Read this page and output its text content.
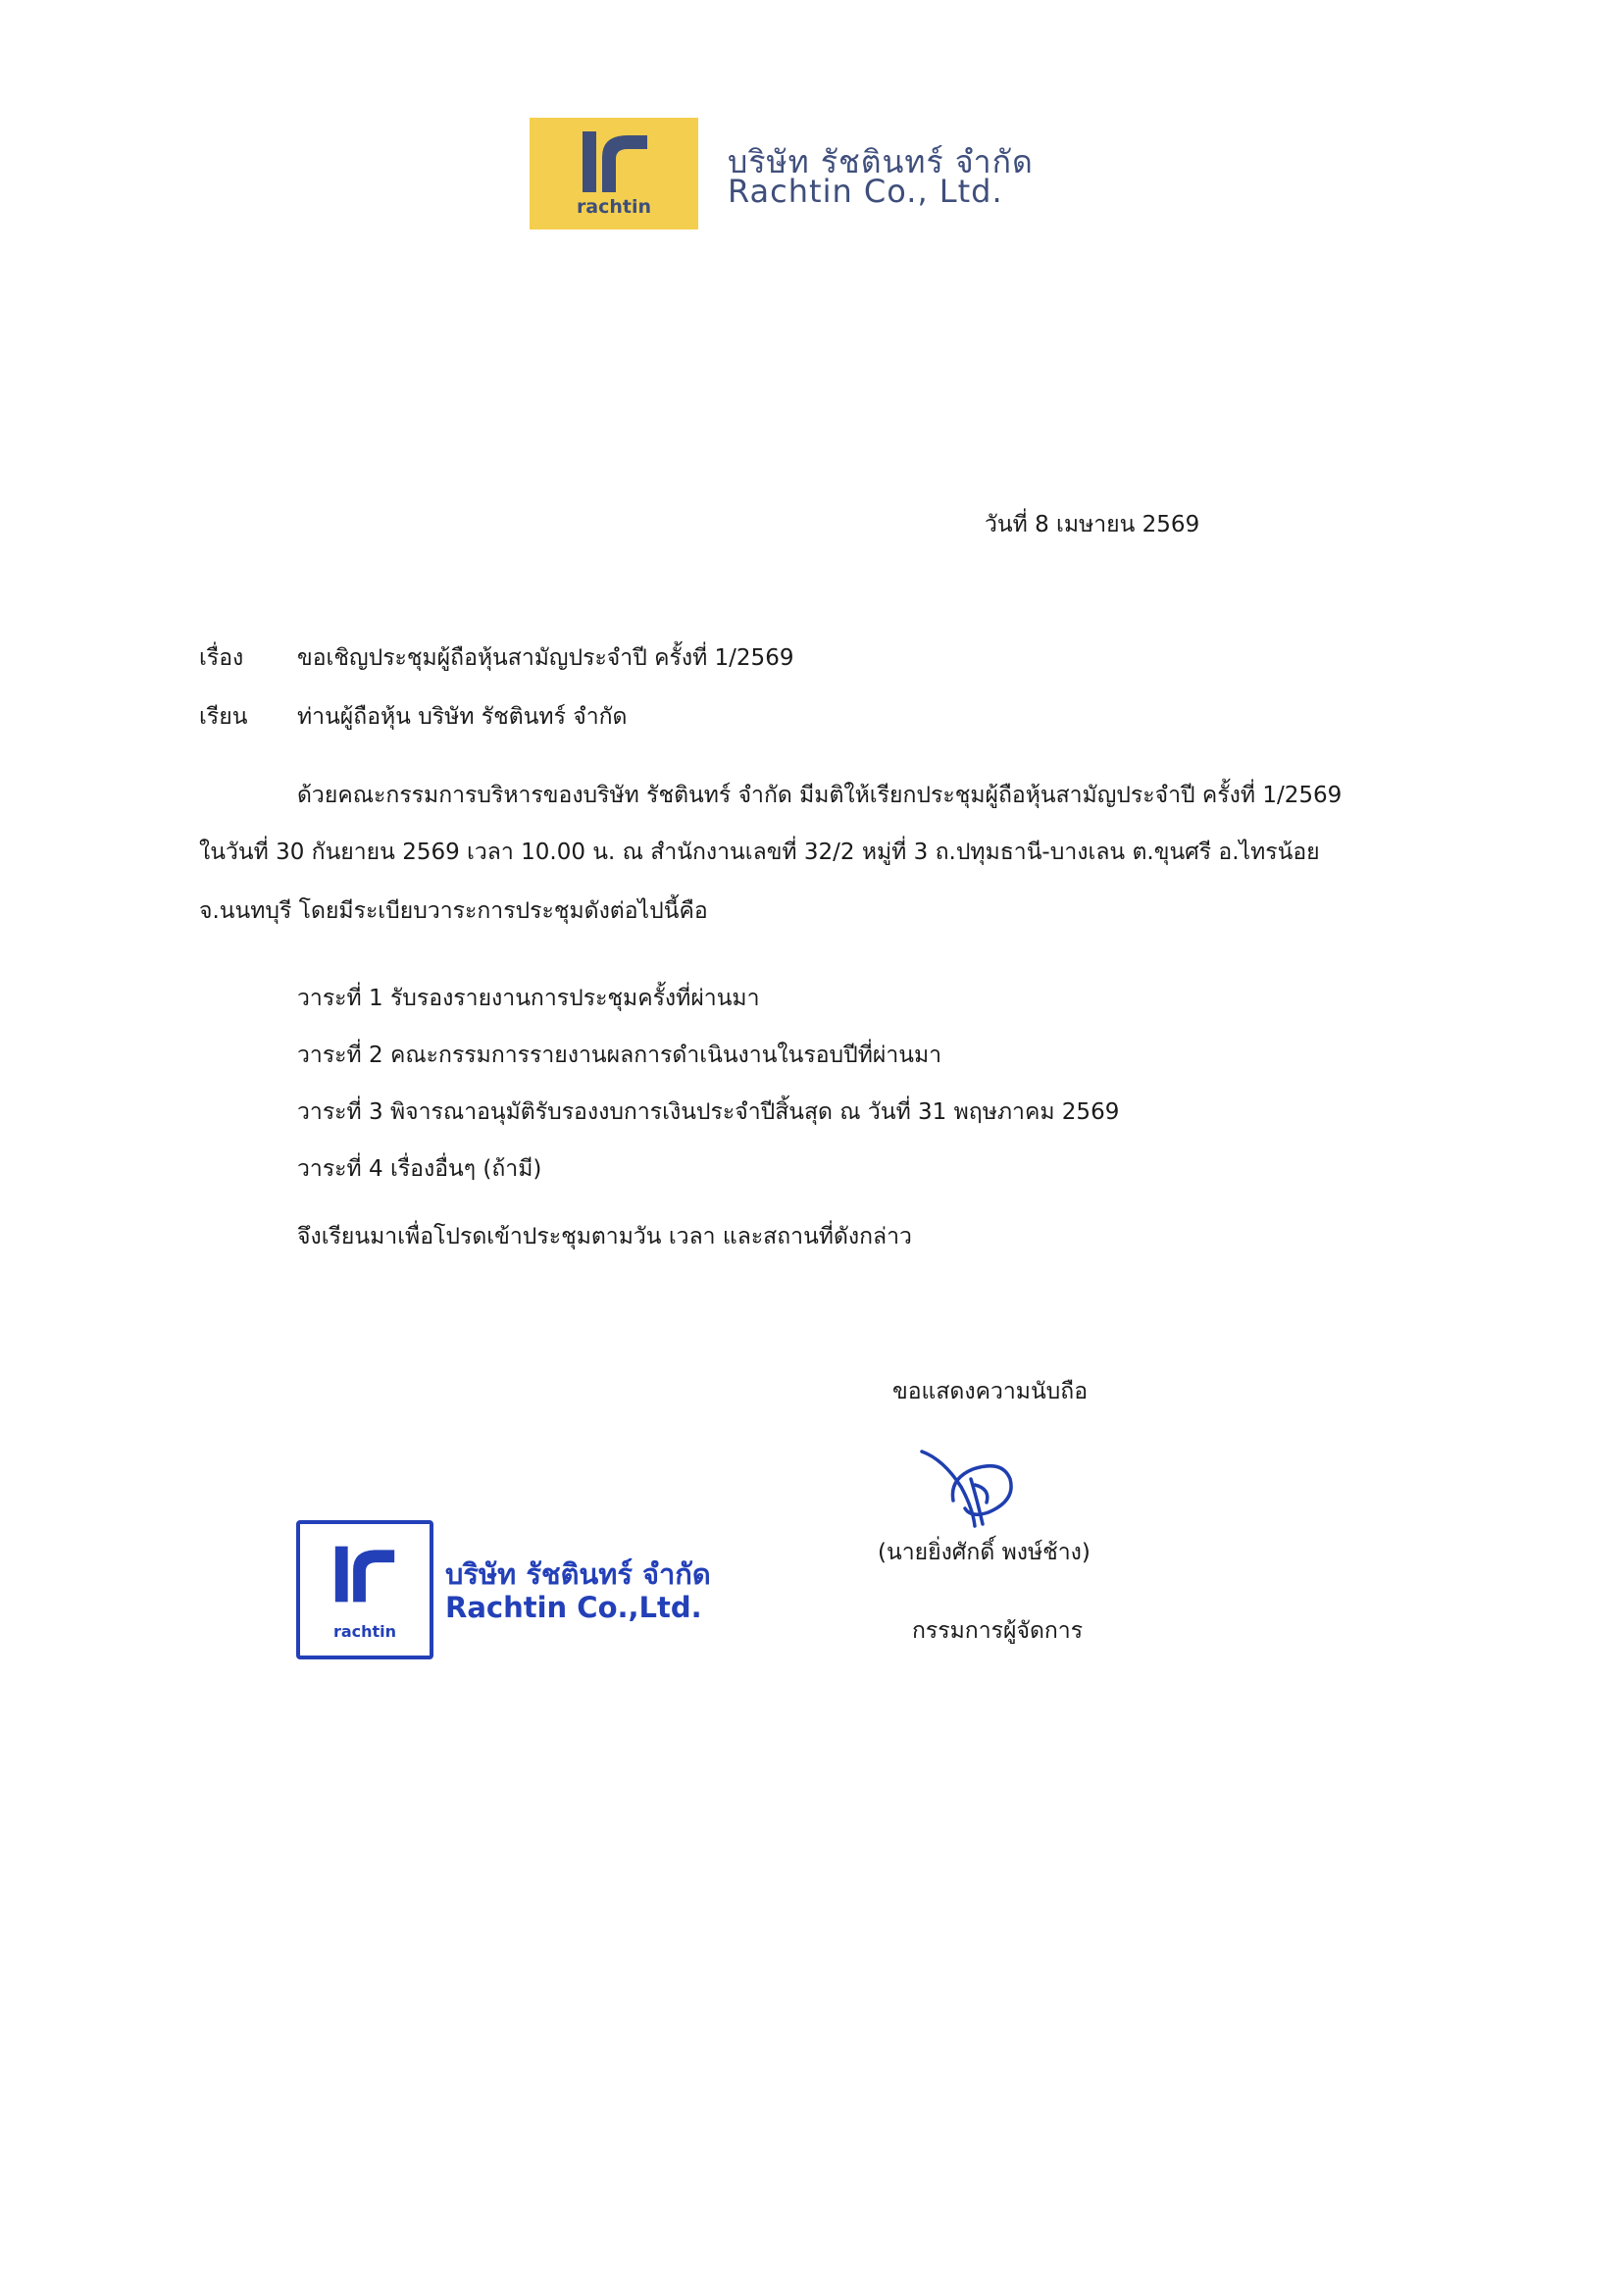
rachtin
บริษัท รัชตินทร์ จำกัด
Rachtin Co., Ltd.
วันที่ 8 เมษายน 2569
เรื่อง ขอเชิญประชุมผู้ถือหุ้นสามัญประจำปี ครั้งที่ 1/2569
เรียน ท่านผู้ถือหุ้น บริษัท รัชตินทร์ จำกัด
ด้วยคณะกรรมการบริหารของบริษัท รัชตินทร์ จำกัด มีมติให้เรียกประชุมผู้ถือหุ้นสามัญประจำปี ครั้งที่ 1/2569
ในวันที่ 30 กันยายน 2569 เวลา 10.00 น. ณ สำนักงานเลขที่ 32/2 หมู่ที่ 3 ถ.ปทุมธานี-บางเลน ต.ขุนศรี อ.ไทรน้อย
จ.นนทบุรี โดยมีระเบียบวาระการประชุมดังต่อไปนี้คือ
วาระที่ 1 รับรองรายงานการประชุมครั้งที่ผ่านมา
วาระที่ 2 คณะกรรมการรายงานผลการดำเนินงานในรอบปีที่ผ่านมา
วาระที่ 3 พิจารณาอนุมัติรับรองงบการเงินประจำปีสิ้นสุด ณ วันที่ 31 พฤษภาคม 2569
วาระที่ 4 เรื่องอื่นๆ (ถ้ามี)
จึงเรียนมาเพื่อโปรดเข้าประชุมตามวัน เวลา และสถานที่ดังกล่าว
ขอแสดงความนับถือ
(นายยิ่งศักดิ์ พงษ์ช้าง)
กรรมการผู้จัดการ
rachtin
บริษัท รัชตินทร์ จำกัด
Rachtin Co.,Ltd.
